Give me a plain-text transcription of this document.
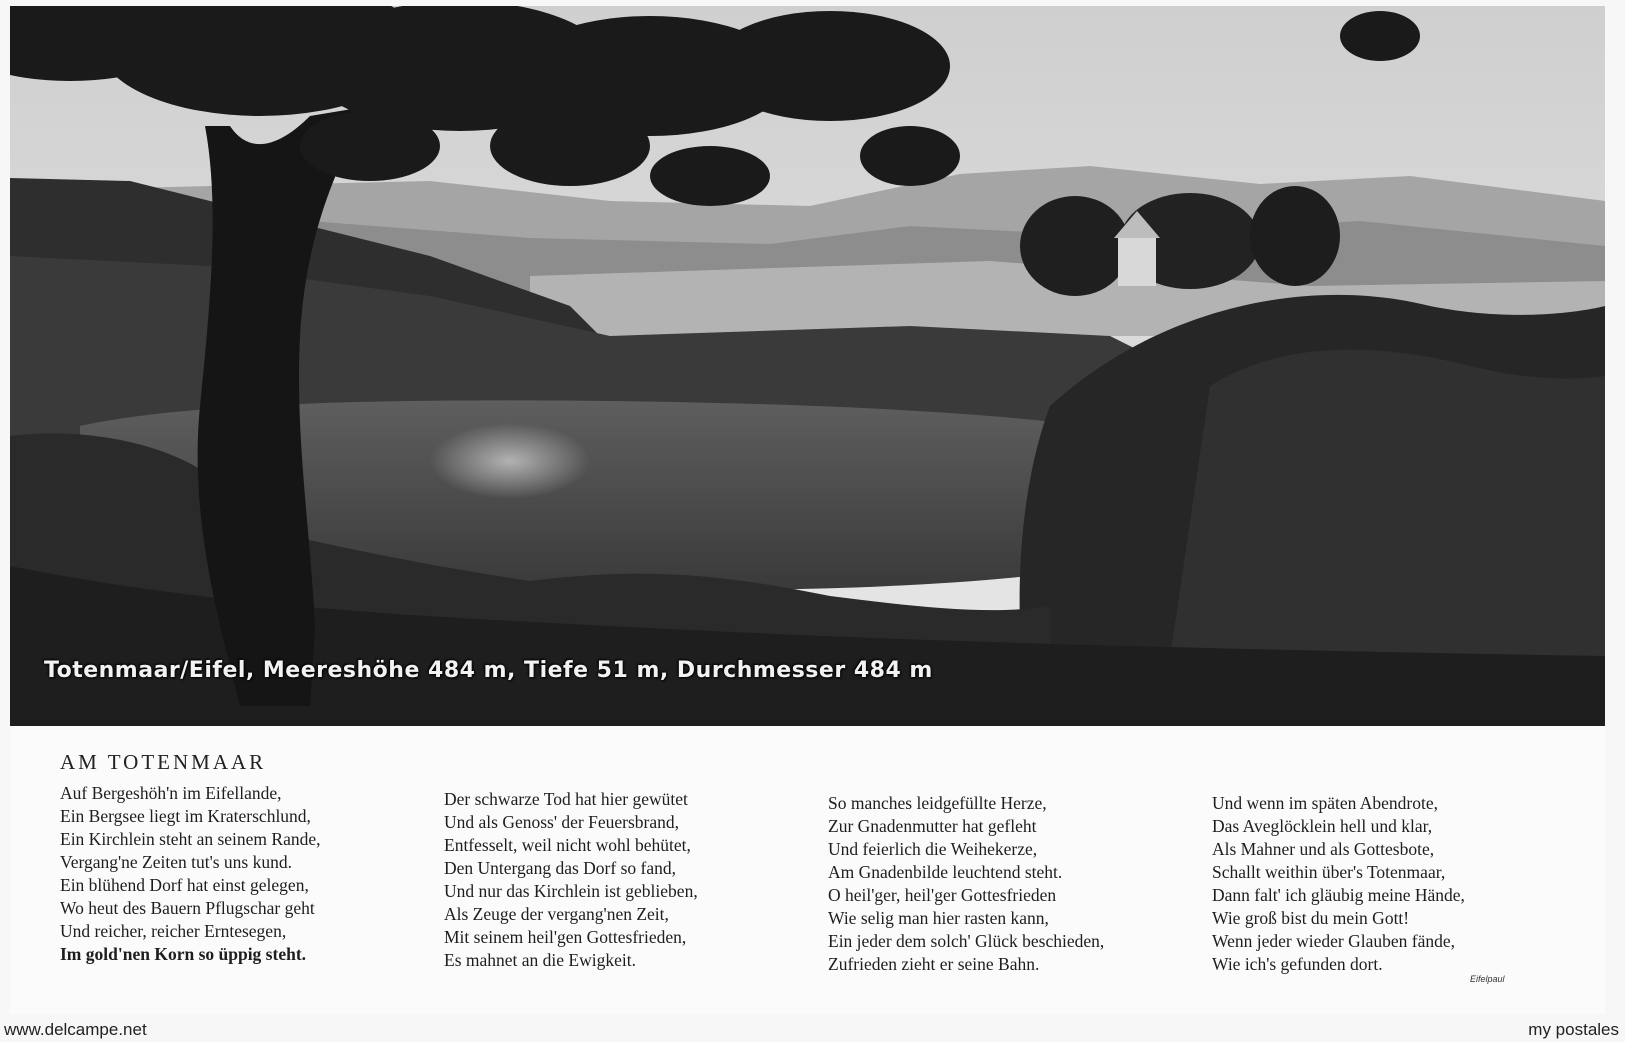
Totenmaar/Eifel, Meereshöhe 484 m, Tiefe 51 m, Durchmesser 484 m
AM TOTENMAAR
Auf Bergeshöh'n im Eifellande,
Ein Bergsee liegt im Kraterschlund,
Ein Kirchlein steht an seinem Rande,
Vergang'ne Zeiten tut's uns kund.
Ein blühend Dorf hat einst gelegen,
Wo heut des Bauern Pflugschar geht
Und reicher, reicher Erntesegen,
Im gold'nen Korn so üppig steht.
Der schwarze Tod hat hier gewütet
Und als Genoss' der Feuersbrand,
Entfesselt, weil nicht wohl behütet,
Den Untergang das Dorf so fand,
Und nur das Kirchlein ist geblieben,
Als Zeuge der vergang'nen Zeit,
Mit seinem heil'gen Gottesfrieden,
Es mahnet an die Ewigkeit.
So manches leidgefüllte Herze,
Zur Gnadenmutter hat gefleht
Und feierlich die Weihekerze,
Am Gnadenbilde leuchtend steht.
O heil'ger, heil'ger Gottesfrieden
Wie selig man hier rasten kann,
Ein jeder dem solch' Glück beschieden,
Zufrieden zieht er seine Bahn.
Und wenn im späten Abendrote,
Das Aveglöcklein hell und klar,
Als Mahner und als Gottesbote,
Schallt weithin über's Totenmaar,
Dann falt' ich gläubig meine Hände,
Wie groß bist du mein Gott!
Wenn jeder wieder Glauben fände,
Wie ich's gefunden dort.
Eifelpaul
www.delcampe.net	my postales
